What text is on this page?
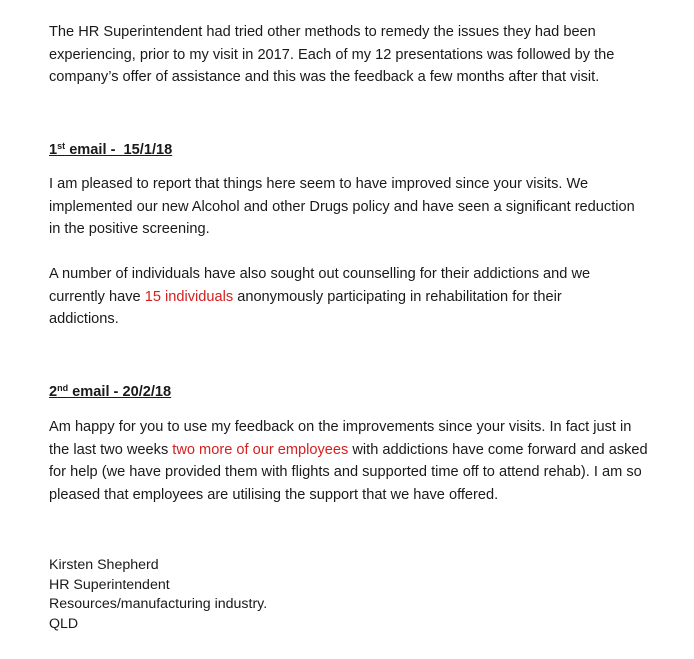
The HR Superintendent had tried other methods to remedy the issues they had been experiencing, prior to my visit in 2017. Each of my 12 presentations was followed by the company’s offer of assistance and this was the feedback a few months after that visit.

1st email -  15/1/18

I am pleased to report that things here seem to have improved since your visits. We implemented our new Alcohol and other Drugs policy and have seen a significant reduction in the positive screening.

A number of individuals have also sought out counselling for their addictions and we currently have 15 individuals anonymously participating in rehabilitation for their addictions.

2nd email - 20/2/18

Am happy for you to use my feedback on the improvements since your visits. In fact just in the last two weeks two more of our employees with addictions have come forward and asked for help (we have provided them with flights and supported time off to attend rehab). I am so pleased that employees are utilising the support that we have offered.

Kirsten Shepherd

HR Superintendent

Resources/manufacturing industry.

QLD
